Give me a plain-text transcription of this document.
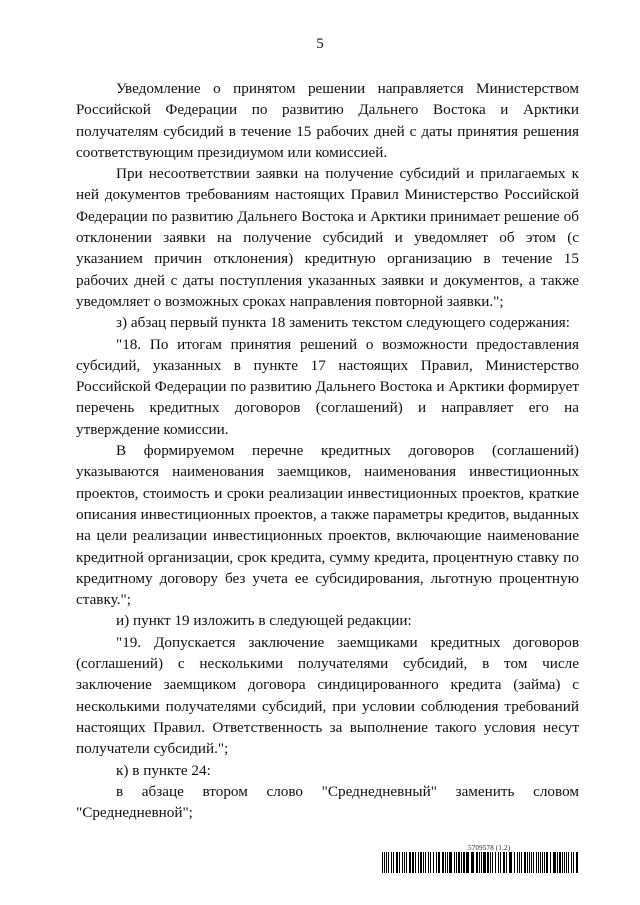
5

Уведомление о принятом решении направляется Министерством Российской Федерации по развитию Дальнего Востока и Арктики получателям субсидий в течение 15 рабочих дней с даты принятия решения соответствующим президиумом или комиссией.

При несоответствии заявки на получение субсидий и прилагаемых к ней документов требованиям настоящих Правил Министерство Российской Федерации по развитию Дальнего Востока и Арктики принимает решение об отклонении заявки на получение субсидий и уведомляет об этом (с указанием причин отклонения) кредитную организацию в течение 15 рабочих дней с даты поступления указанных заявки и документов, а также уведомляет о возможных сроках направления повторной заявки.";

з) абзац первый пункта 18 заменить текстом следующего содержания:

"18. По итогам принятия решений о возможности предоставления субсидий, указанных в пункте 17 настоящих Правил, Министерство Российской Федерации по развитию Дальнего Востока и Арктики формирует перечень кредитных договоров (соглашений) и направляет его на утверждение комиссии.

В формируемом перечне кредитных договоров (соглашений) указываются наименования заемщиков, наименования инвестиционных проектов, стоимость и сроки реализации инвестиционных проектов, краткие описания инвестиционных проектов, а также параметры кредитов, выданных на цели реализации инвестиционных проектов, включающие наименование кредитной организации, срок кредита, сумму кредита, процентную ставку по кредитному договору без учета ее субсидирования, льготную процентную ставку.";

и) пункт 19 изложить в следующей редакции:

"19. Допускается заключение заемщиками кредитных договоров (соглашений) с несколькими получателями субсидий, в том числе заключение заемщиком договора синдицированного кредита (займа) с несколькими получателями субсидий, при условии соблюдения требований настоящих Правил. Ответственность за выполнение такого условия несут получатели субсидий.";

к) в пункте 24:

в абзаце втором слово "Среднедневный" заменить словом "Среднедневной";

5709578 (1.2)
